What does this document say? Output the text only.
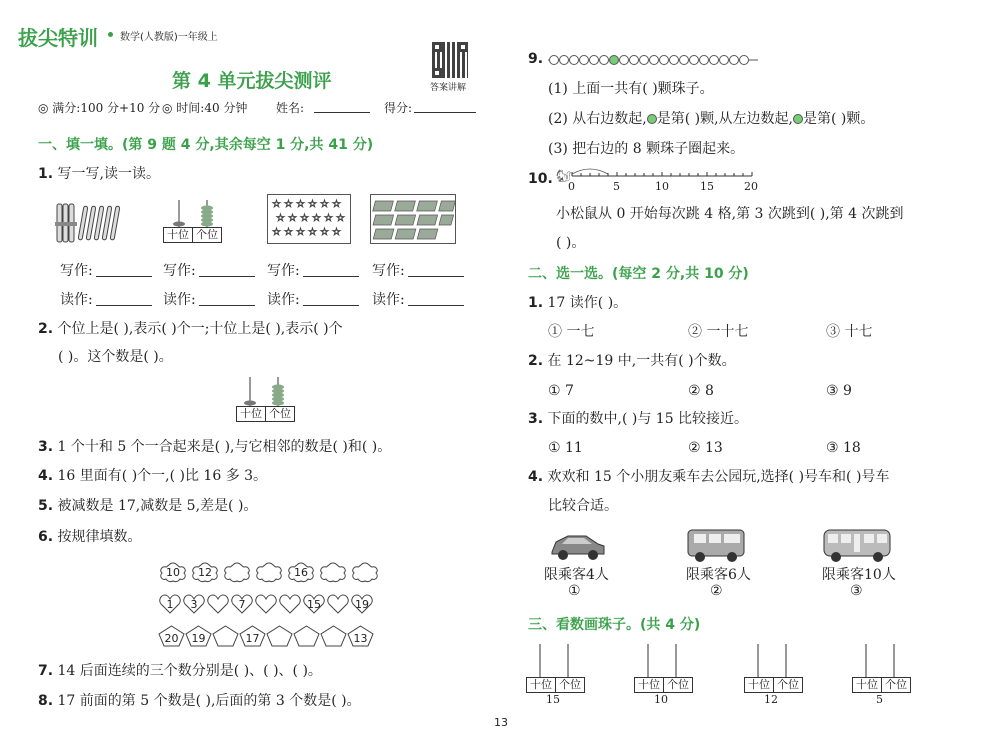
拔尖特训 数学(人教版)一年级上
答案讲解
第 4 单元拔尖测评
◎ 满分:100 分+10 分 ◎ 时间:40 分钟 姓名:	得分:
一、填一填。(第 9 题 4 分,其余每空 1 分,共 41 分)
1. 写一写,读一读。
十位 个位
☆ ☆ ☆ ☆ ☆ ☆
☆ ☆ ☆ ☆ ☆ ☆
☆ ☆ ☆ ☆ ☆ ☆
写作:	写作:	写作:	写作:
读作:	读作:	读作:	读作:
2. 个位上是( ),表示( )个一;十位上是( ),表示( )个
( )。这个数是( )。
十位 个位
3. 1 个十和 5 个一合起来是( ),与它相邻的数是( )和( )。
4. 16 里面有( )个一,( )比 16 多 3。
5. 被减数是 17,减数是 5,差是( )。
6. 按规律填数。
10 12	16
1 3	7	15	19
20 19	17	13
7. 14 后面连续的三个数分别是( )、( )、( )。
8. 17 前面的第 5 个数是( ),后面的第 3 个数是( )。
9.
(1) 上面一共有( )颗珠子。
(2) 从右边数起, 是第( )颗,从左边数起, 是第( )颗。
(3) 把右边的 8 颗珠子圈起来。
10. 🐿
0	5	10	15	20
小松鼠从 0 开始每次跳 4 格,第 3 次跳到( ),第 4 次跳到
( )。
二、选一选。(每空 2 分,共 10 分)
1. 17 读作( )。
① 一七	② 一十七	③ 十七
2. 在 12~19 中,一共有( )个数。
① 7	② 8	③ 9
3. 下面的数中,( )与 15 比较接近。
① 11	② 13	③ 18
4. 欢欢和 15 个小朋友乘车去公园玩,选择( )号车和( )号车
比较合适。
限乘客4人
①
限乘客6人
②
限乘客10人
③
三、看数画珠子。(共 4 分)
十位 个位
15
十位 个位
10
十位 个位
12
十位 个位
5
13
